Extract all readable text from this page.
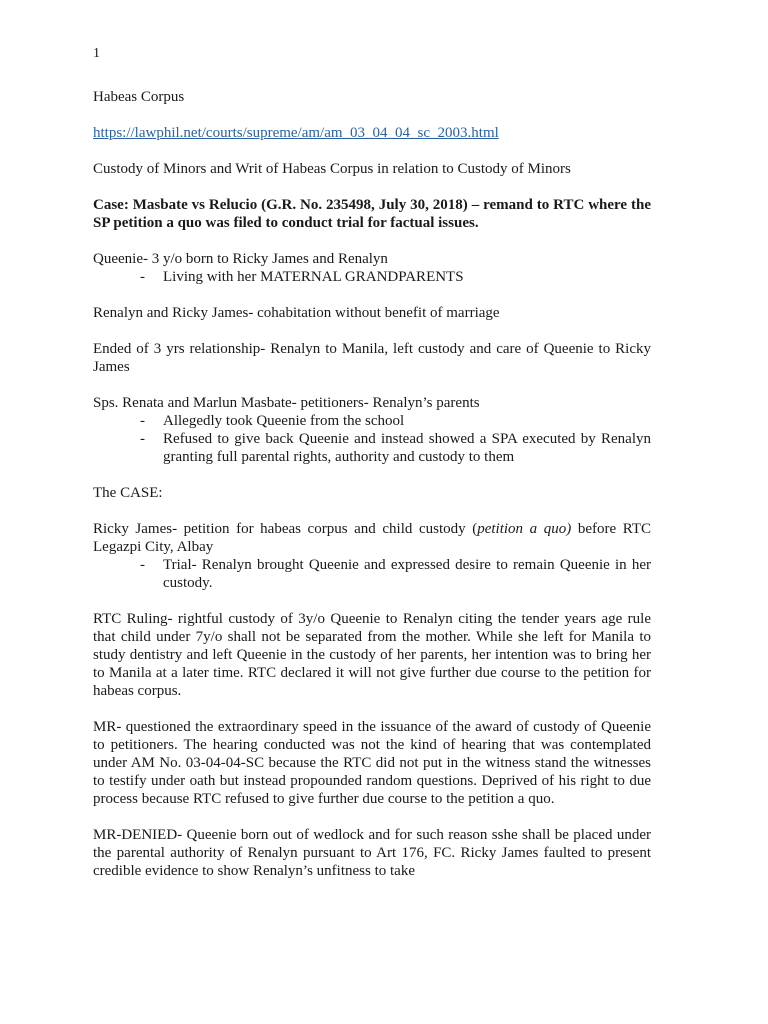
1

Habeas Corpus

https://lawphil.net/courts/supreme/am/am_03_04_04_sc_2003.html

Custody of Minors and Writ of Habeas Corpus in relation to Custody of Minors

Case: Masbate vs Relucio (G.R. No. 235498, July 30, 2018) – remand to RTC where the SP petition a quo was filed to conduct trial for factual issues.

Queenie- 3 y/o born to Ricky James and Renalyn

- Living with her MATERNAL GRANDPARENTS

Renalyn and Ricky James- cohabitation without benefit of marriage

Ended of 3 yrs relationship- Renalyn to Manila, left custody and care of Queenie to Ricky James

Sps. Renata and Marlun Masbate- petitioners- Renalyn’s parents

- Allegedly took Queenie from the school
- Refused to give back Queenie and instead showed a SPA executed by Renalyn granting full parental rights, authority and custody to them

The CASE:

Ricky James- petition for habeas corpus and child custody (petition a quo) before RTC Legazpi City, Albay

- Trial- Renalyn brought Queenie and expressed desire to remain Queenie in her custody.

RTC Ruling- rightful custody of 3y/o Queenie to Renalyn citing the tender years age rule that child under 7y/o shall not be separated from the mother. While she left for Manila to study dentistry and left Queenie in the custody of her parents, her intention was to bring her to Manila at a later time. RTC declared it will not give further due course to the petition for habeas corpus.

MR- questioned the extraordinary speed in the issuance of the award of custody of Queenie to petitioners. The hearing conducted was not the kind of hearing that was contemplated under AM No. 03-04-04-SC because the RTC did not put in the witness stand the witnesses to testify under oath but instead propounded random questions. Deprived of his right to due process because RTC refused to give further due course to the petition a quo.

MR-DENIED- Queenie born out of wedlock and for such reason sshe shall be placed under the parental authority of Renalyn pursuant to Art 176, FC. Ricky James faulted to present credible evidence to show Renalyn’s unfitness to take
